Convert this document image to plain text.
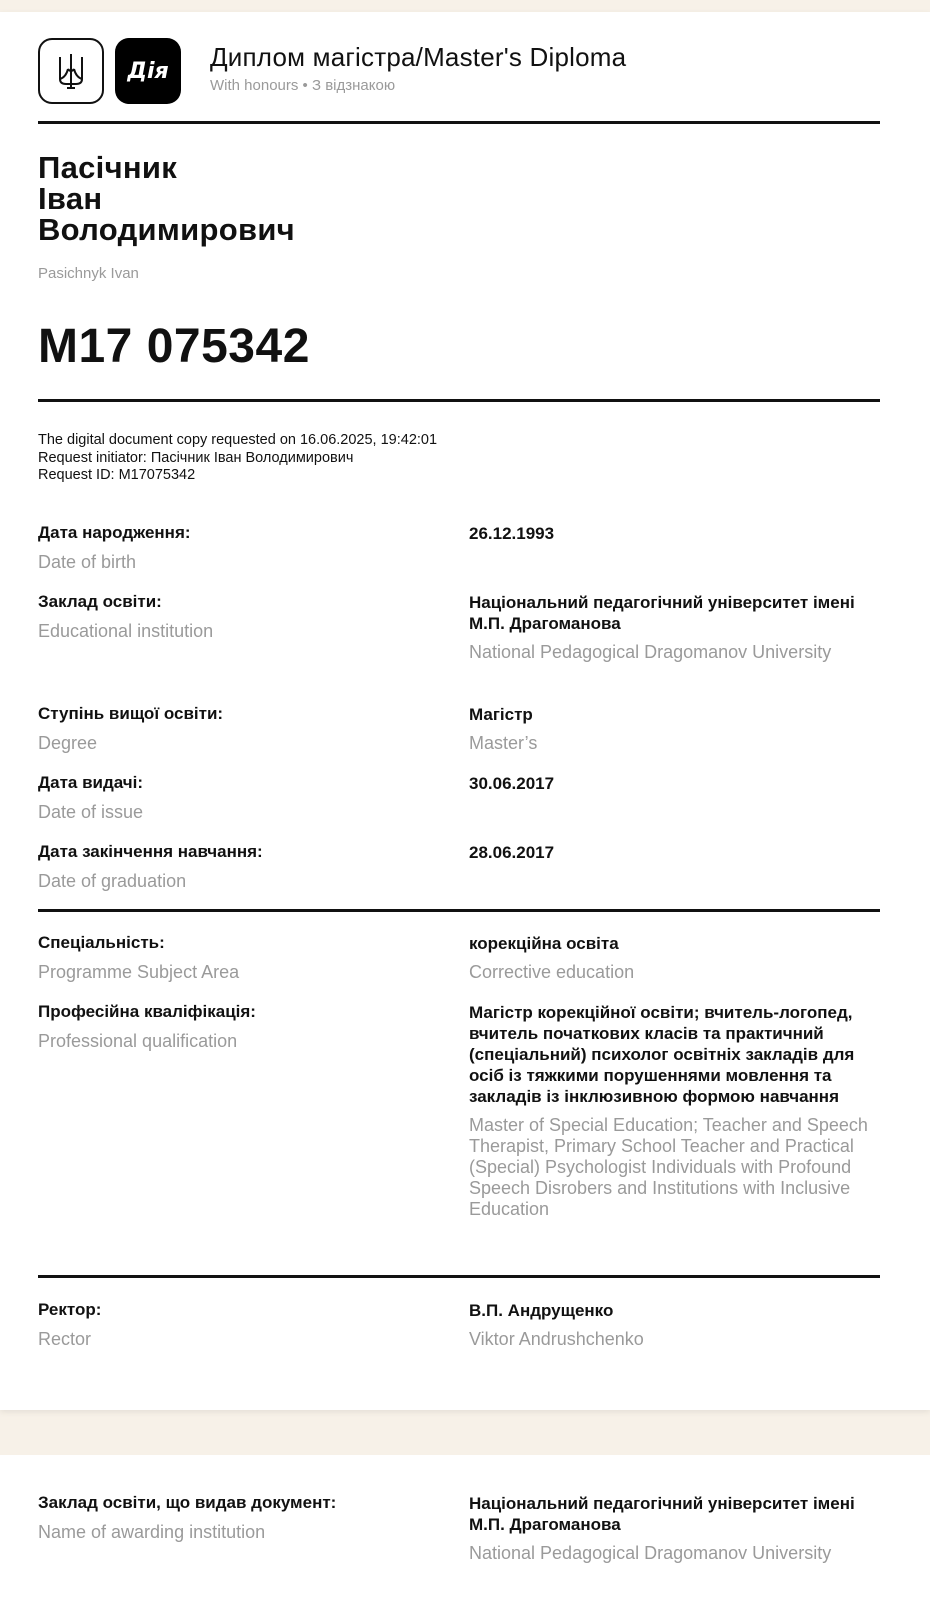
Дія	Диплом магістра/Master's Diploma
With honours • З відзнакою
Пасічник
Іван
Володимирович
Pasichnyk Ivan
M17 075342
The digital document copy requested on 16.06.2025, 19:42:01
Request initiator: Пасічник Іван Володимирович
Request ID: M17075342
Дата народження:
Date of birth
26.12.1993
Заклад освіти:
Educational institution
Національний педагогічний університет імені М.П. Драгоманова
National Pedagogical Dragomanov University
Ступінь вищої освіти:
Degree
Магістр
Master’s
Дата видачі:
Date of issue
30.06.2017
Дата закінчення навчання:
Date of graduation
28.06.2017
Спеціальність:
Programme Subject Area
корекційна освіта
Corrective education
Професійна кваліфікація:
Professional qualification
Магістр корекційної освіти; вчитель-логопед, вчитель початкових класів та практичний (спеціальний) психолог освітніх закладів для осіб із тяжкими порушеннями мовлення та закладів із інклюзивною формою навчання
Master of Special Education; Teacher and Speech Therapist, Primary School Teacher and Practical (Special) Psychologist Individuals with Profound Speech Disrobers and Institutions with Inclusive Education
Ректор:
Rector
В.П. Андрущенко
Viktor Andrushchenko
Заклад освіти, що видав документ:
Name of awarding institution
Національний педагогічний університет імені М.П. Драгоманова
National Pedagogical Dragomanov University
